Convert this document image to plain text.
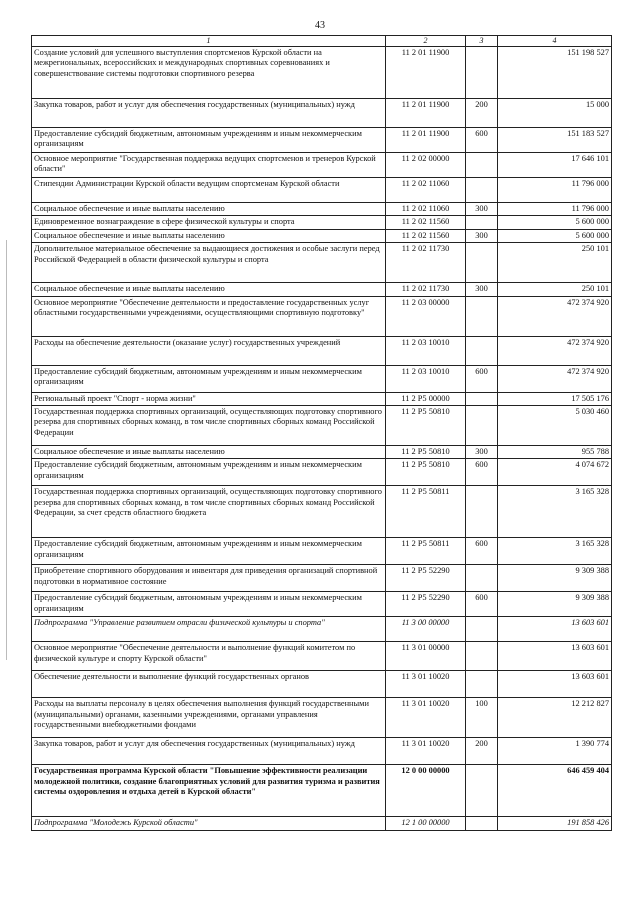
43
1	2	3	4
Создание условий для успешного выступления спортсменов Курской области на межрегиональных, всероссийских и международных спортивных соревнованиях и совершенствование системы подготовки спортивного резерва	11 2 01 11900		151 198 527
Закупка товаров, работ и услуг для обеспечения государственных (муниципальных) нужд	11 2 01 11900	200	15 000
Предоставление субсидий бюджетным, автономным учреждениям и иным некоммерческим организациям	11 2 01 11900	600	151 183 527
Основное мероприятие "Государственная поддержка ведущих спортсменов и тренеров Курской области"	11 2 02 00000		17 646 101
Стипендии Администрации Курской области ведущим спортсменам Курской области	11 2 02 11060		11 796 000
Социальное обеспечение и иные выплаты населению	11 2 02 11060	300	11 796 000
Единовременное вознаграждение в сфере физической культуры и спорта	11 2 02 11560		5 600 000
Социальное обеспечение и иные выплаты населению	11 2 02 11560	300	5 600 000
Дополнительное материальное обеспечение за выдающиеся достижения и особые заслуги перед Российской Федерацией в области физической культуры и спорта	11 2 02 11730		250 101
Социальное обеспечение и иные выплаты населению	11 2 02 11730	300	250 101
Основное мероприятие "Обеспечение деятельности и предоставление государственных услуг областными государственными учреждениями, осуществляющими спортивную подготовку"	11 2 03 00000		472 374 920
Расходы на обеспечение деятельности (оказание услуг) государственных учреждений	11 2 03 10010		472 374 920
Предоставление субсидий бюджетным, автономным учреждениям и иным некоммерческим организациям	11 2 03 10010	600	472 374 920
Региональный проект "Спорт - норма жизни"	11 2 Р5 00000		17 505 176
Государственная поддержка спортивных организаций, осуществляющих подготовку спортивного резерва для спортивных сборных команд, в том числе спортивных сборных команд Российской Федерации	11 2 Р5 50810		5 030 460
Социальное обеспечение и иные выплаты населению	11 2 Р5 50810	300	955 788
Предоставление субсидий бюджетным, автономным учреждениям и иным некоммерческим организациям	11 2 Р5 50810	600	4 074 672
Государственная поддержка спортивных организаций, осуществляющих подготовку спортивного резерва для спортивных сборных команд, в том числе спортивных сборных команд Российской Федерации, за счет средств областного бюджета	11 2 Р5 50811		3 165 328
Предоставление субсидий бюджетным, автономным учреждениям и иным некоммерческим организациям	11 2 Р5 50811	600	3 165 328
Приобретение спортивного оборудования и инвентаря для приведения организаций спортивной подготовки в нормативное состояние	11 2 Р5 52290		9 309 388
Предоставление субсидий бюджетным, автономным учреждениям и иным некоммерческим организациям	11 2 Р5 52290	600	9 309 388
Подпрограмма "Управление развитием отрасли физической культуры и спорта"	11 3 00 00000		13 603 601
Основное мероприятие "Обеспечение деятельности и выполнение функций комитетом по физической культуре и спорту Курской области"	11 3 01 00000		13 603 601
Обеспечение деятельности и выполнение функций государственных органов	11 3 01 10020		13 603 601
Расходы на выплаты персоналу в целях обеспечения выполнения функций государственными (муниципальными) органами, казенными учреждениями, органами управления государственными внебюджетными фондами	11 3 01 10020	100	12 212 827
Закупка товаров, работ и услуг для обеспечения государственных (муниципальных) нужд	11 3 01 10020	200	1 390 774
Государственная программа Курской области "Повышение эффективности реализации молодежной политики, создание благоприятных условий для развития туризма и развития системы оздоровления и отдыха детей в Курской области"	12 0 00 00000		646 459 404
Подпрограмма "Молодежь Курской области"	12 1 00 00000		191 858 426
